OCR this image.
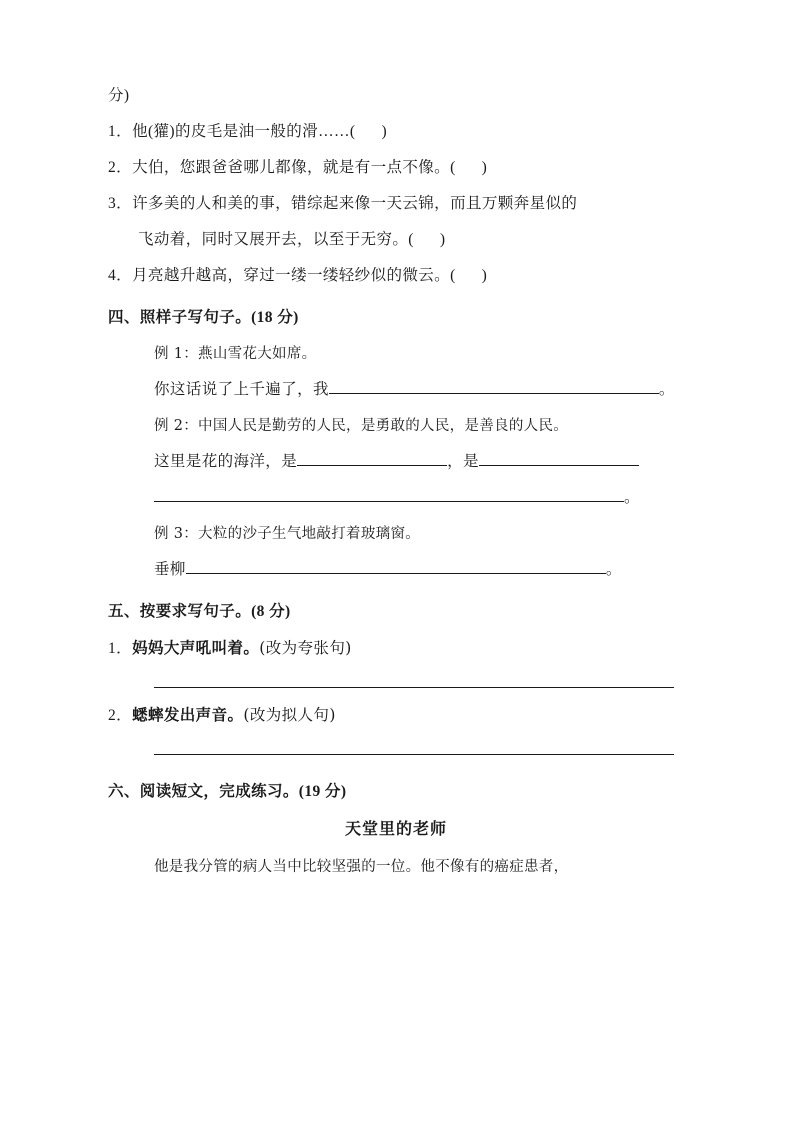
分)
1．他(獾)的皮毛是油一般的滑……( )
2．大伯，您跟爸爸哪儿都像，就是有一点不像。( )
3．许多美的人和美的事，错综起来像一天云锦，而且万颗奔星似的
飞动着，同时又展开去，以至于无穷。( )
4．月亮越升越高，穿过一缕一缕轻纱似的微云。( )
四、照样子写句子。(18 分)
例 1：燕山雪花大如席。
你这话说了上千遍了，我	。
例 2：中国人民是勤劳的人民，是勇敢的人民，是善良的人民。
这里是花的海洋，是	，是
。
例 3：大粒的沙子生气地敲打着玻璃窗。
垂柳	。
五、按要求写句子。(8 分)
1．妈妈大声吼叫着。(改为夸张句)
2．蟋蟀发出声音。(改为拟人句)
六、阅读短文，完成练习。(19 分)
天堂里的老师
他是我分管的病人当中比较坚强的一位。他不像有的癌症患者，
